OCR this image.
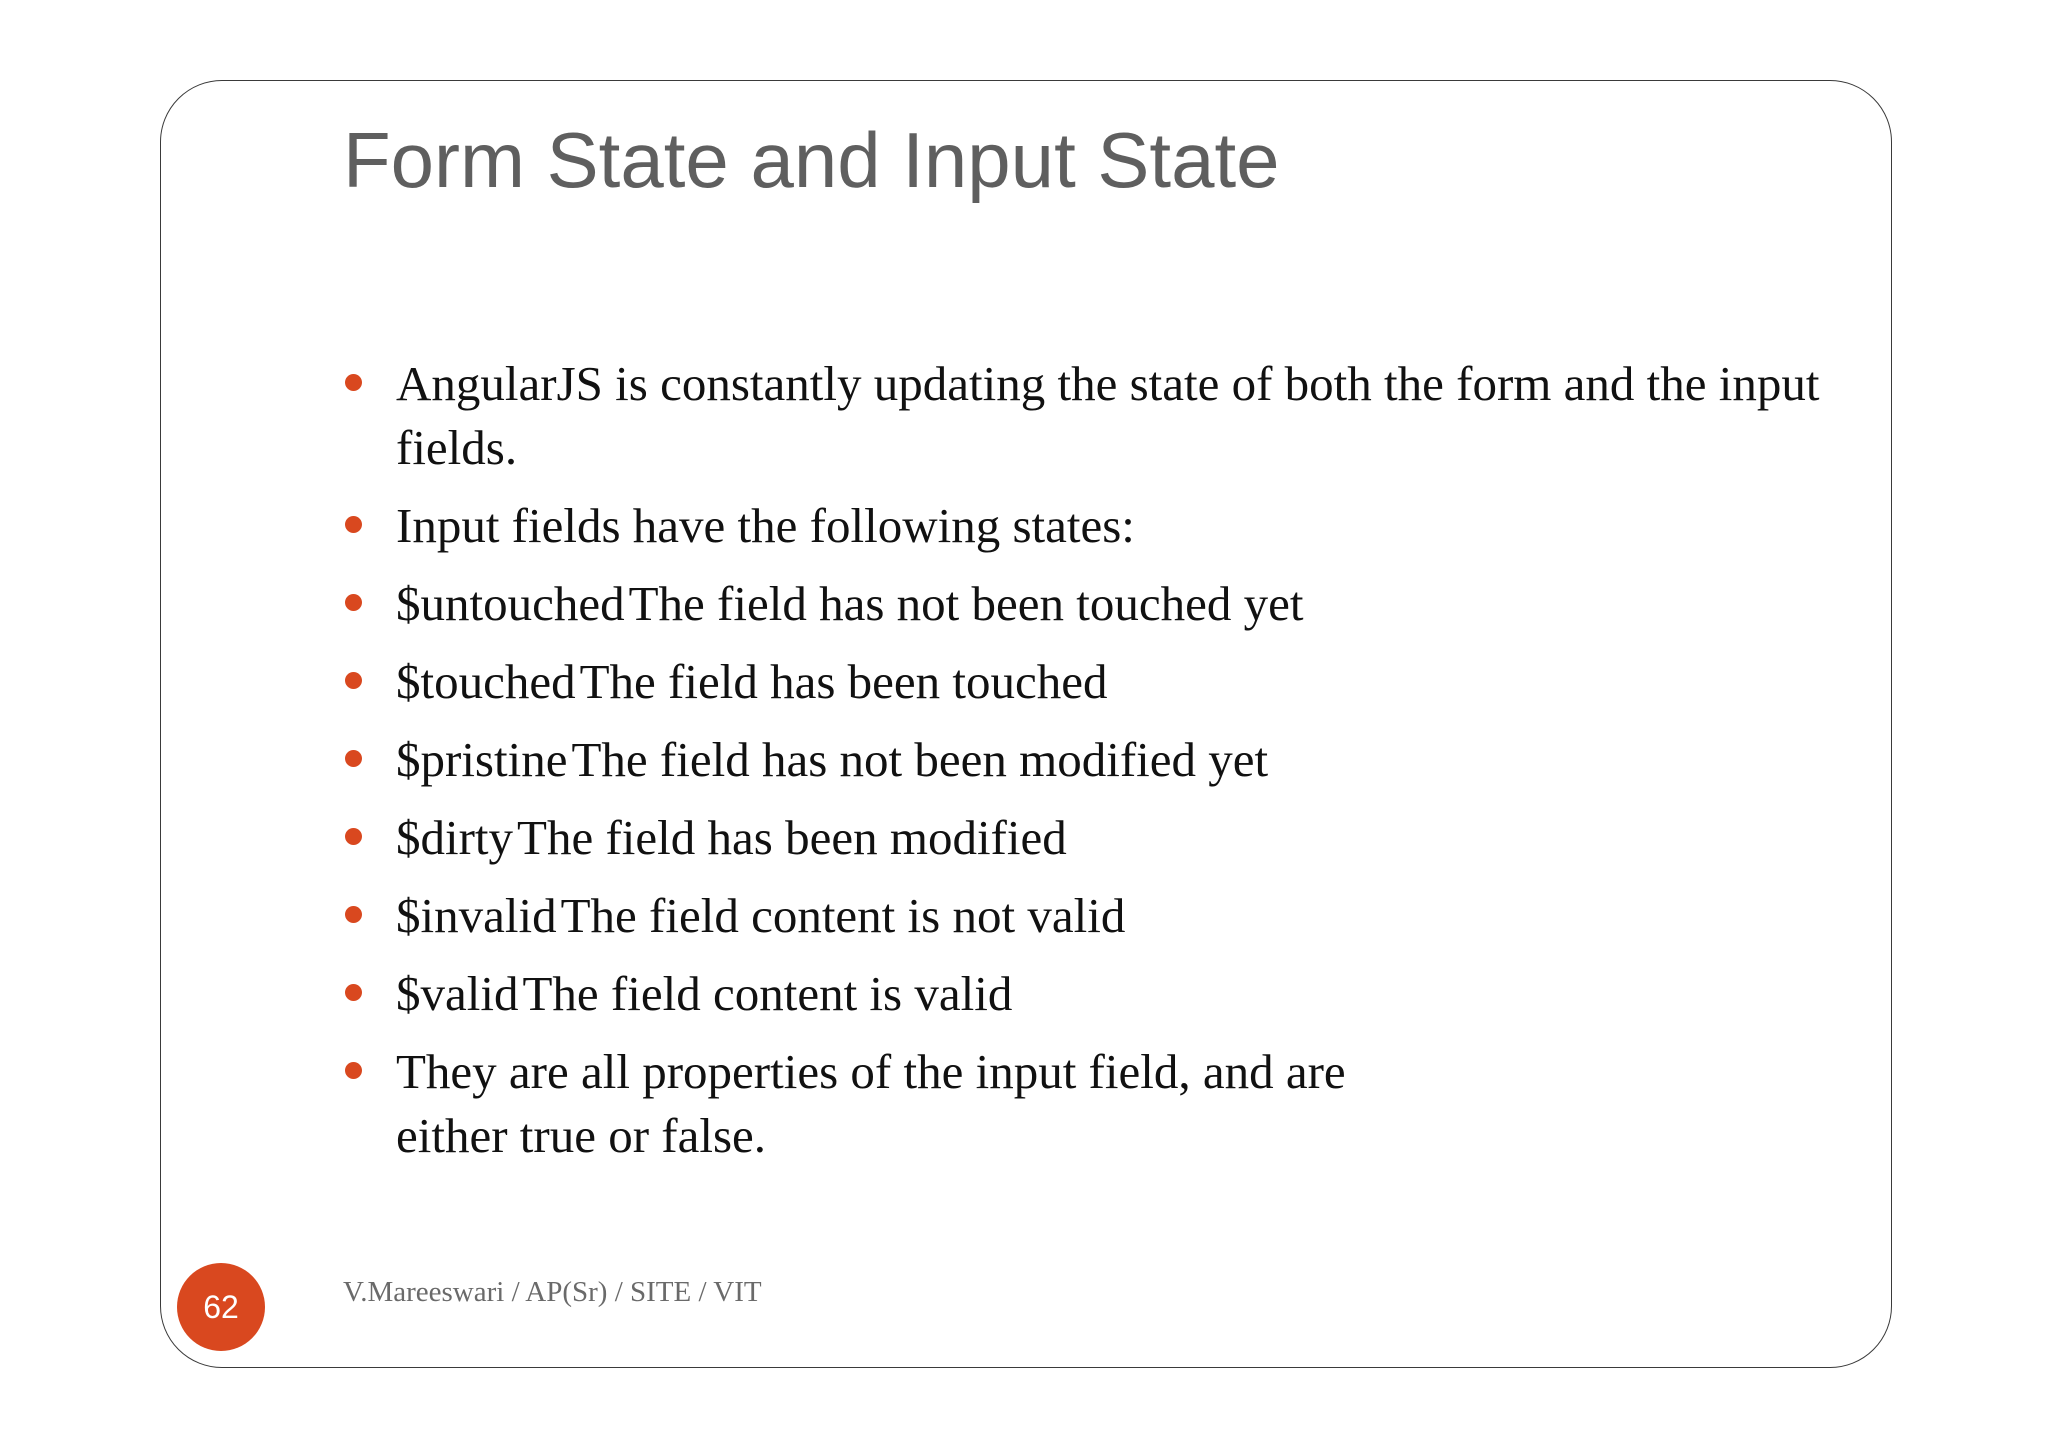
Form State and Input State
AngularJS is constantly updating the state of both the form and the input fields.
Input fields have the following states:
$untouchedThe field has not been touched yet
$touchedThe field has been touched
$pristineThe field has not been modified yet
$dirtyThe field has been modified
$invalidThe field content is not valid
$validThe field content is valid
They are all properties of the input field, and are either true or false.
62	V.Mareeswari / AP(Sr) / SITE / VIT
